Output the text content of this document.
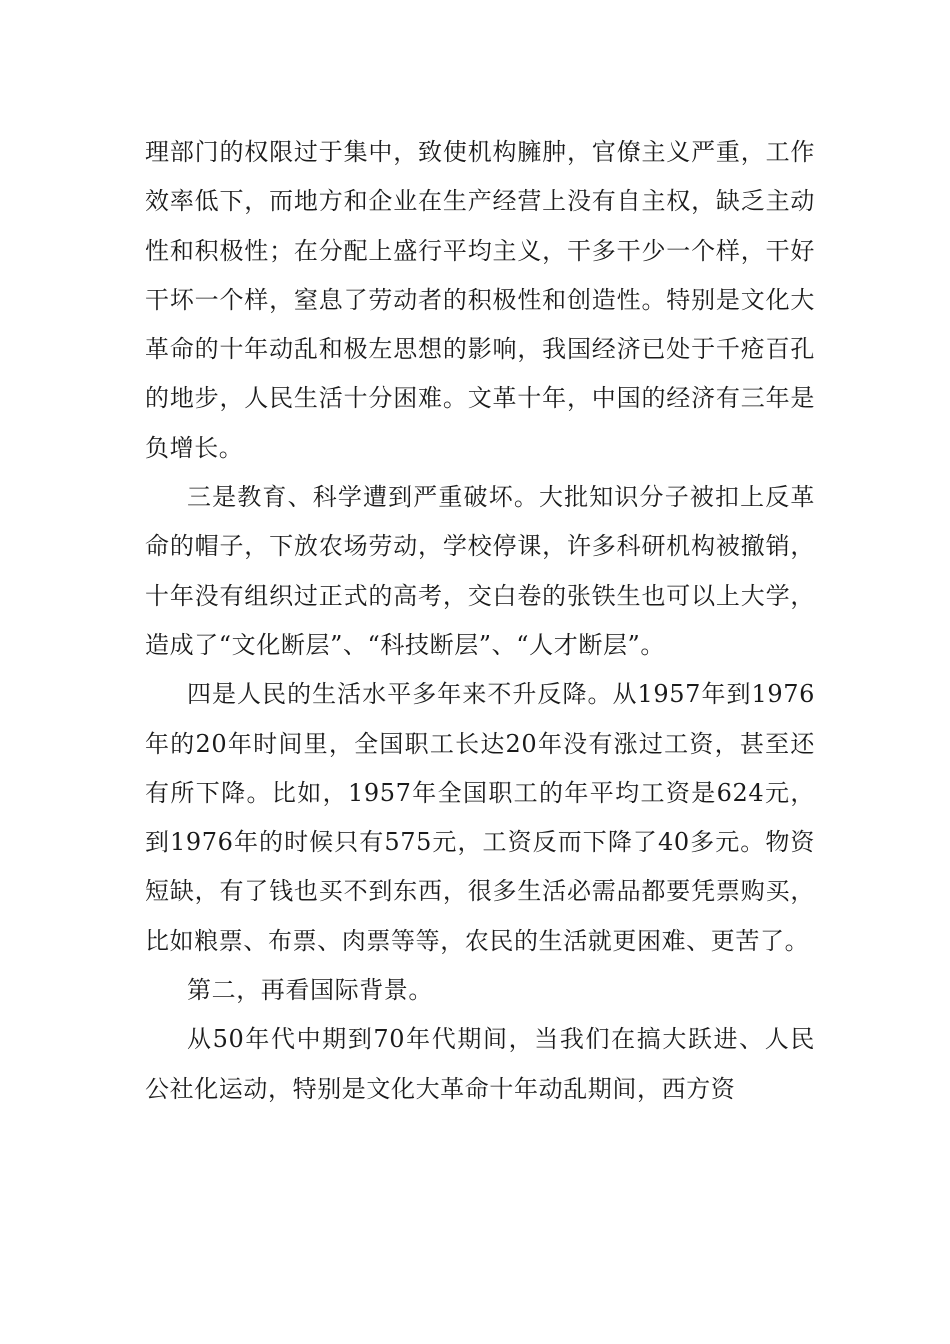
理部门的权限过于集中，致使机构臃肿，官僚主义严重，工作效率低下，而地方和企业在生产经营上没有自主权，缺乏主动性和积极性；在分配上盛行平均主义，干多干少一个样，干好干坏一个样，窒息了劳动者的积极性和创造性。特别是文化大革命的十年动乱和极左思想的影响，我国经济已处于千疮百孔的地步，人民生活十分困难。文革十年，中国的经济有三年是负增长。

三是教育、科学遭到严重破坏。大批知识分子被扣上反革命的帽子，下放农场劳动，学校停课，许多科研机构被撤销，十年没有组织过正式的高考，交白卷的张铁生也可以上大学，造成了“文化断层”、“科技断层”、“人才断层”。

四是人民的生活水平多年来不升反降。从1957年到1976年的20年时间里，全国职工长达20年没有涨过工资，甚至还有所下降。比如，1957年全国职工的年平均工资是624元，到1976年的时候只有575元，工资反而下降了40多元。物资短缺，有了钱也买不到东西，很多生活必需品都要凭票购买，比如粮票、布票、肉票等等，农民的生活就更困难、更苦了。

第二，再看国际背景。

从50年代中期到70年代期间，当我们在搞大跃进、人民公社化运动，特别是文化大革命十年动乱期间，西方资
